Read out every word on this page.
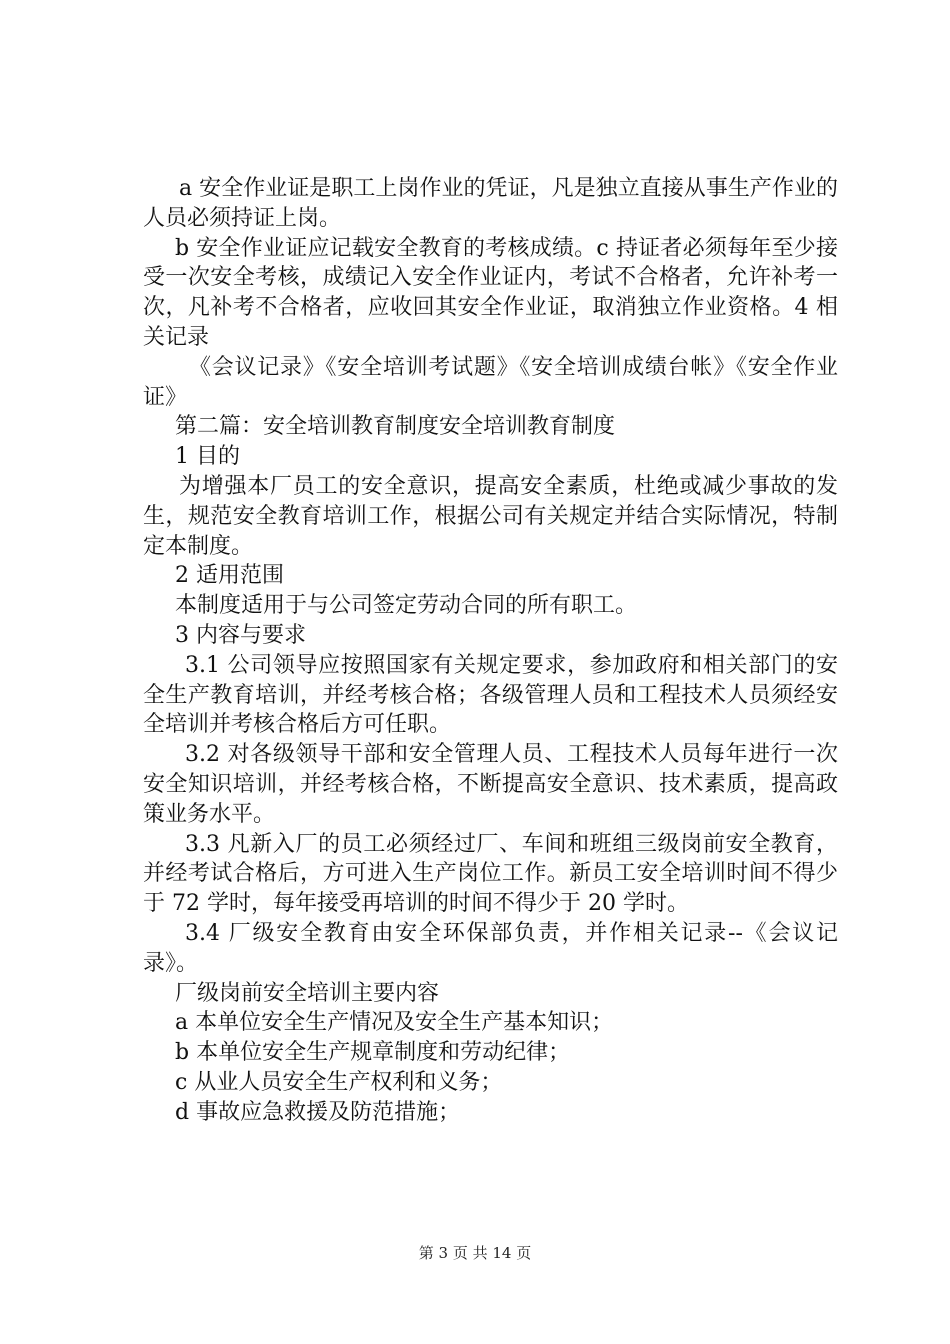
a 安全作业证是职工上岗作业的凭证，凡是独立直接从事生产作业的人员必须持证上岗。

b 安全作业证应记载安全教育的考核成绩。c 持证者必须每年至少接受一次安全考核，成绩记入安全作业证内，考试不合格者，允许补考一次，凡补考不合格者，应收回其安全作业证，取消独立作业资格。4 相关记录

《会议记录》《安全培训考试题》《安全培训成绩台帐》《安全作业证》

第二篇：安全培训教育制度安全培训教育制度

1 目的

为增强本厂员工的安全意识，提高安全素质，杜绝或减少事故的发生，规范安全教育培训工作，根据公司有关规定并结合实际情况，特制定本制度。

2 适用范围

本制度适用于与公司签定劳动合同的所有职工。

3 内容与要求

3.1 公司领导应按照国家有关规定要求，参加政府和相关部门的安全生产教育培训，并经考核合格；各级管理人员和工程技术人员须经安全培训并考核合格后方可任职。

3.2 对各级领导干部和安全管理人员、工程技术人员每年进行一次安全知识培训，并经考核合格，不断提高安全意识、技术素质，提高政策业务水平。

3.3 凡新入厂的员工必须经过厂、车间和班组三级岗前安全教育，并经考试合格后，方可进入生产岗位工作。新员工安全培训时间不得少于 72 学时，每年接受再培训的时间不得少于 20 学时。

3.4 厂级安全教育由安全环保部负责，并作相关记录--《会议记录》。

厂级岗前安全培训主要内容

a 本单位安全生产情况及安全生产基本知识；

b 本单位安全生产规章制度和劳动纪律；

c 从业人员安全生产权利和义务；

d 事故应急救援及防范措施；

第 3 页 共 14 页
